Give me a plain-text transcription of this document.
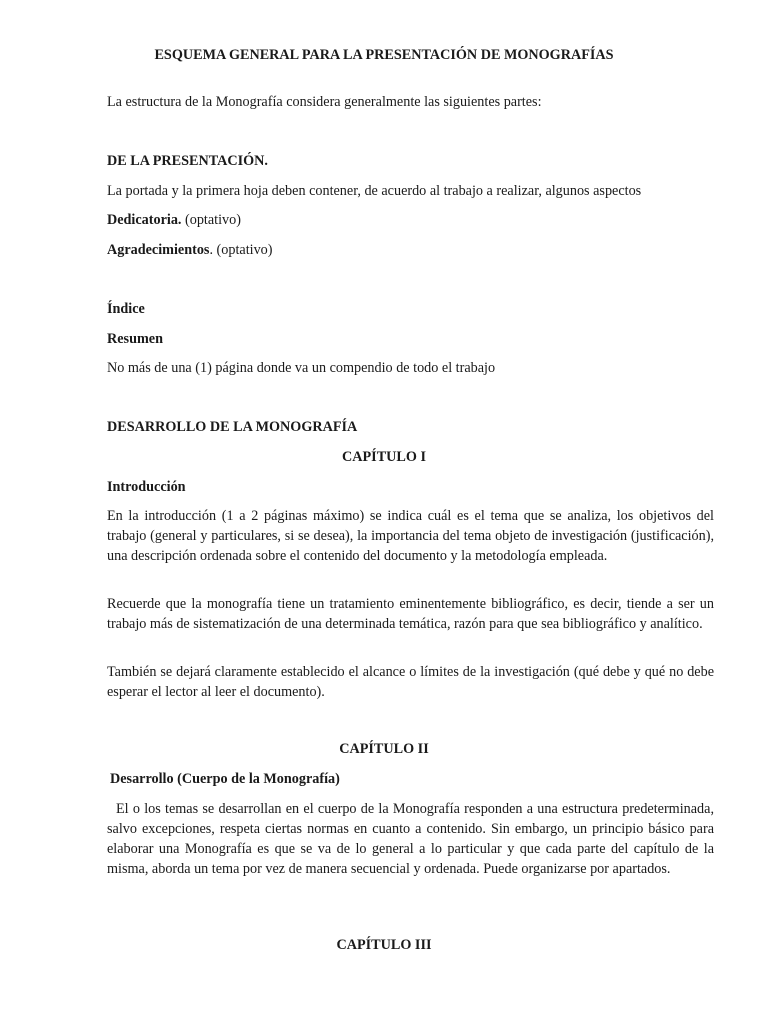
ESQUEMA GENERAL PARA LA PRESENTACIÓN DE MONOGRAFÍAS
La estructura de la Monografía considera generalmente las siguientes partes:
DE LA PRESENTACIÓN.
La portada y la primera hoja deben contener, de acuerdo al trabajo a realizar, algunos aspectos
Dedicatoria. (optativo)
Agradecimientos. (optativo)
Índice
Resumen
No más de una (1) página donde va un compendio de todo el trabajo
DESARROLLO DE LA MONOGRAFÍA
CAPÍTULO I
Introducción
En la introducción (1 a 2 páginas máximo) se indica cuál es el tema que se analiza, los objetivos del trabajo (general y particulares, si se desea), la importancia del tema objeto de investigación (justificación), una descripción ordenada sobre el contenido del documento y la metodología empleada.
Recuerde que la monografía tiene un tratamiento eminentemente bibliográfico, es decir, tiende a ser un trabajo más de sistematización de una determinada temática, razón para que sea bibliográfico y analítico.
También se dejará claramente establecido el alcance o límites de la investigación (qué debe y qué no debe esperar el lector al leer el documento).
CAPÍTULO II
Desarrollo (Cuerpo de la Monografía)
El o los temas se desarrollan en el cuerpo de la Monografía responden a una estructura predeterminada, salvo excepciones, respeta ciertas normas en cuanto a contenido. Sin embargo, un principio básico para elaborar una Monografía es que se va de lo general a lo particular y que cada parte del capítulo de la misma, aborda un tema por vez de manera secuencial y ordenada. Puede organizarse por apartados.
CAPÍTULO III
